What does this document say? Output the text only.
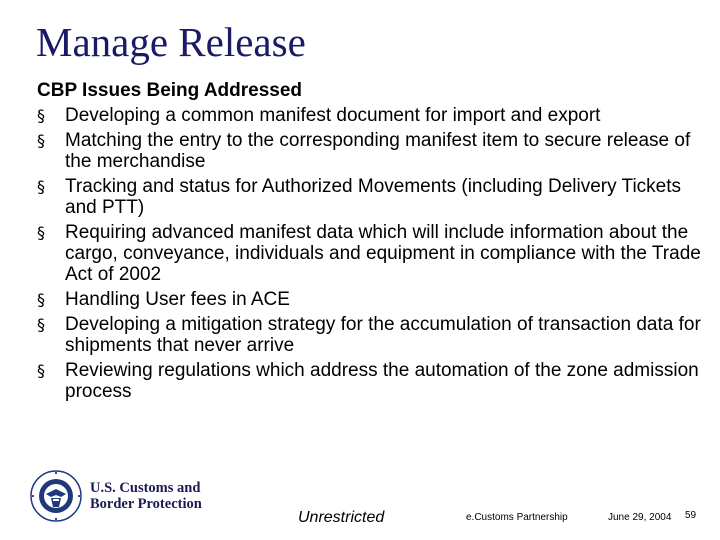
Manage Release
CBP Issues Being Addressed
§ Developing a common manifest document for import and export
§ Matching the entry to the corresponding manifest item to secure release of the merchandise
§ Tracking and status for Authorized Movements (including Delivery Tickets and PTT)
§ Requiring advanced manifest data which will include information about the cargo, conveyance, individuals and equipment in compliance with the Trade Act of 2002
§ Handling User fees in ACE
§ Developing a mitigation strategy for the accumulation of transaction data for shipments that never arrive
§ Reviewing regulations which address the automation of the zone admission process
U.S. Customs and
Border Protection
Unrestricted	e.Customs Partnership	June 29, 2004 59
